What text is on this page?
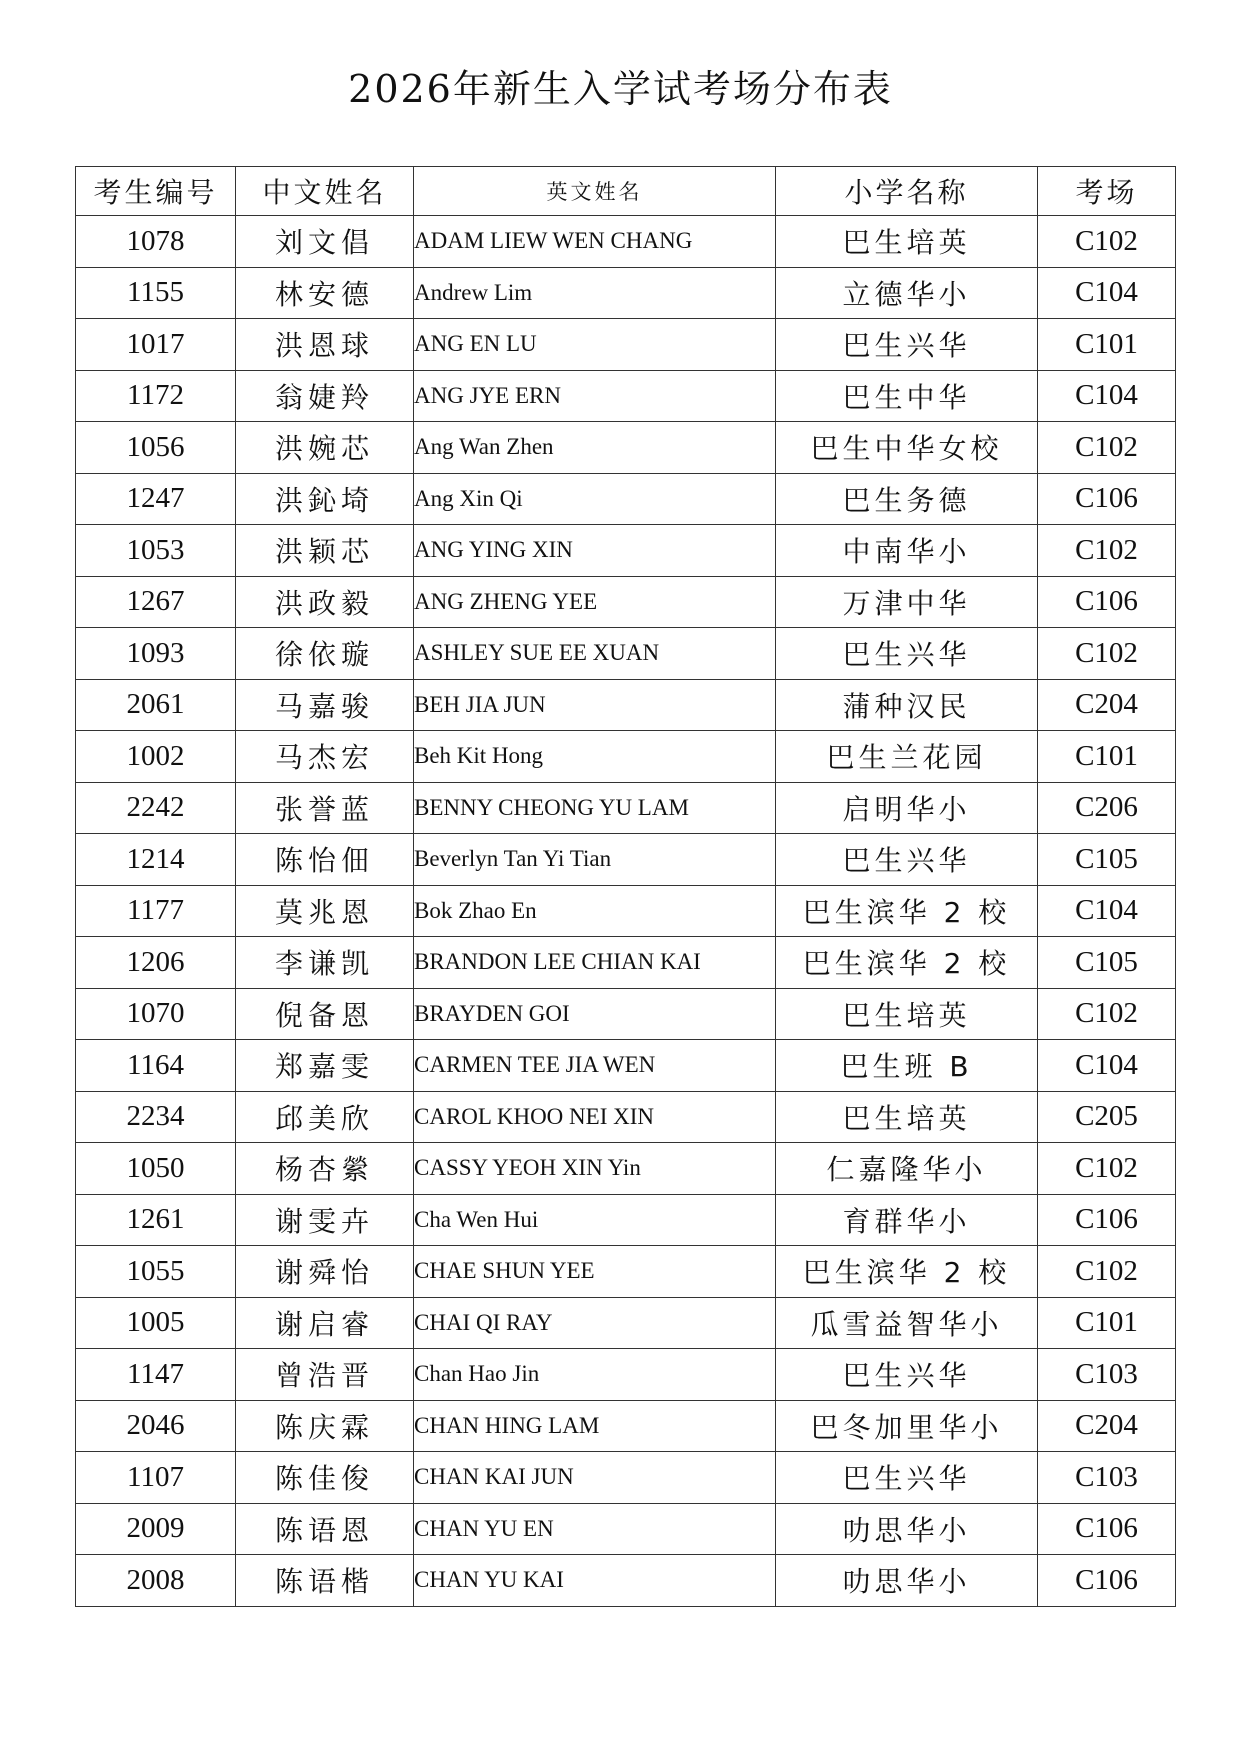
2026年新生入学试考场分布表
考生编号	中文姓名	英文姓名	小学名称	考场
1078	刘文倡	ADAM LIEW WEN CHANG	巴生培英	C102
1155	林安德	Andrew Lim	立德华小	C104
1017	洪恩球	ANG EN LU	巴生兴华	C101
1172	翁婕羚	ANG JYE ERN	巴生中华	C104
1056	洪婉芯	Ang Wan Zhen	巴生中华女校	C102
1247	洪鈊埼	Ang Xin Qi	巴生务德	C106
1053	洪颖芯	ANG YING XIN	中南华小	C102
1267	洪政毅	ANG ZHENG YEE	万津中华	C106
1093	徐依璇	ASHLEY SUE EE XUAN	巴生兴华	C102
2061	马嘉骏	BEH JIA JUN	蒲种汉民	C204
1002	马杰宏	Beh Kit Hong	巴生兰花园	C101
2242	张誉蓝	BENNY CHEONG YU LAM	启明华小	C206
1214	陈怡佃	Beverlyn Tan Yi Tian	巴生兴华	C105
1177	莫兆恩	Bok Zhao En	巴生滨华 2 校	C104
1206	李谦凯	BRANDON LEE CHIAN KAI	巴生滨华 2 校	C105
1070	倪备恩	BRAYDEN GOI	巴生培英	C102
1164	郑嘉雯	CARMEN TEE JIA WEN	巴生班 B	C104
2234	邱美欣	CAROL KHOO NEI XIN	巴生培英	C205
1050	杨杏縈	CASSY YEOH XIN Yin	仁嘉隆华小	C102
1261	谢雯卉	Cha Wen Hui	育群华小	C106
1055	谢舜怡	CHAE SHUN YEE	巴生滨华 2 校	C102
1005	谢启睿	CHAI QI RAY	瓜雪益智华小	C101
1147	曾浩晋	Chan Hao Jin	巴生兴华	C103
2046	陈庆霖	CHAN HING LAM	巴冬加里华小	C204
1107	陈佳俊	CHAN KAI JUN	巴生兴华	C103
2009	陈语恩	CHAN YU EN	叻思华小	C106
2008	陈语楷	CHAN YU KAI	叻思华小	C106
